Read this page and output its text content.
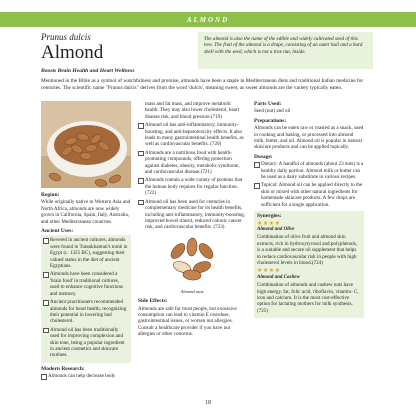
ALMOND
Prunus dulcis
Almond
Boosts Brain Health and Heart Wellness
The almond is also the name of the edible and widely cultivated seed of this tree. The fruit of the almond is a drupe, consisting of an outer hull and a hard shell with the seed, which is not a true nut, inside.
Mentioned in the Bible as a symbol of watchfulness and promise, almonds have been a staple in Mediterranean diets and traditional Indian medicine for centuries. The scientific name "Prunus dulcis" derives from the word 'dulcis', meaning sweet, as sweet almonds are the variety typically eaten.
Region:
While originally native to Western Asia and North Africa, almonds are now widely grown in California, Spain, Italy, Australia, and other Mediterranean countries.
Ancient Uses:
Revered in ancient cultures, almonds were found in Tutankhamun's tomb in Egypt (c. 1325 BC), suggesting their valued status in the diet of ancient Egyptians.
Almonds have been considered a 'brain food' in traditional cultures, used to enhance cognitive functions and memory.
Ancient practitioners recommended almonds for heart health, recognizing their potential in lowering bad cholesterol.
Almond oil has been traditionally used for improving complexion and skin tone, being a popular ingredient in ancient cosmetics and skincare routines.
Modern Research:
Almonds can help decrease body
mass and fat mass, and improve metabolic health. They may also lower cholesterol, heart disease risk, and blood pressure.(719)
Almond oil has anti-inflammatory, immunity-boosting, and anti-hepatotoxicity effects. It also leads to many gastrointestinal health benefits, as well as cardiovascular benefits. (720)
Almonds are a nutritious food with health-promoting compounds, offering protection against diabetes, obesity, metabolic syndrome, and cardiovascular disease.(721)
Almonds contain a wide variety of proteins that the human body requires for regular function. (722)
Almond oil has been used for centuries in complementary medicine for its health benefits, including anti-inflammatory, immunity-boosting, improved bowel transit, reduced colonic cancer risk, and cardiovascular benefits. (723)
Almond nuts
Side Effects:
Almonds are safe for most people, but excessive consumption can lead to vitamin E overdose, gastrointestinal issues, or worsen nut allergies. Consult a healthcare provider if you have nut allergies or other concerns.
Parts Used:
Seed (nut) and oil
Preparations:
Almonds can be eaten raw or roasted as a snack, used in cooking and baking, or processed into almond milk, butter, and oil. Almond oil is popular in natural skincare products and can be applied topically.
Dosage:
Dietary: A handful of almonds (about 23 nuts) is a healthy daily portion. Almond milk or butter can be used as a dairy substitute in various recipes.
Topical: Almond oil can be applied directly to the skin or mixed with other natural ingredients for homemade skincare products. A few drops are sufficient for a single application.
Synergies:
★★★★
Almond and Olive
Combination of olive fruit and almond skin extracts, rich in hydroxytyrosol and polyphenols, is a suitable and secure oil supplement that helps to reduce cardiovascular risk in people with high cholesterol levels in blood.(724)
★★★★
Almond and Cashew
Combination of almonds and cashew nuts have high energy, fat, folic acid, riboflavin, vitamin- C, iron and calcium. It is the most cost-effective option for lactating mothers for milk synthesis.(725)
18
